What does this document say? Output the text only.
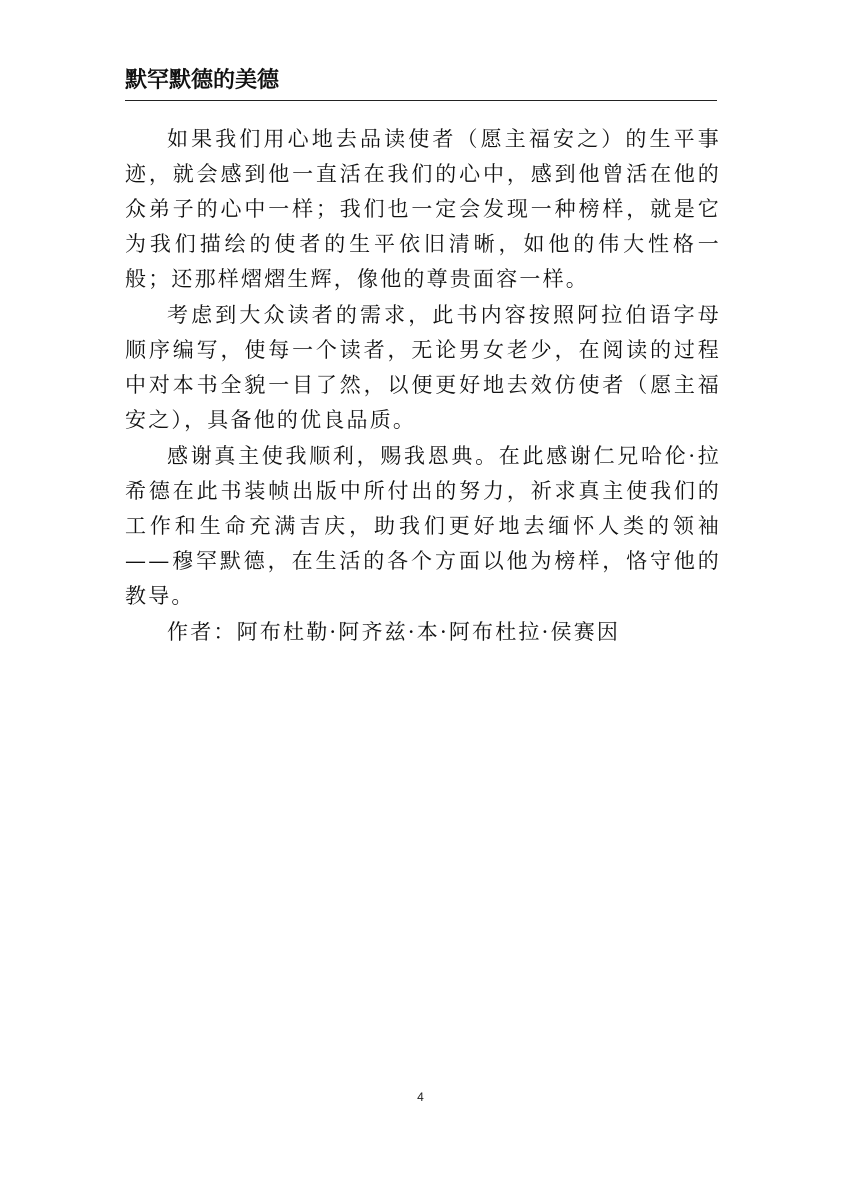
默罕默德的美德

如果我们用心地去品读使者（愿主福安之）的生平事迹，就会感到他一直活在我们的心中，感到他曾活在他的众弟子的心中一样；我们也一定会发现一种榜样，就是它为我们描绘的使者的生平依旧清晰，如他的伟大性格一般；还那样熠熠生辉，像他的尊贵面容一样。

考虑到大众读者的需求，此书内容按照阿拉伯语字母顺序编写，使每一个读者，无论男女老少，在阅读的过程中对本书全貌一目了然，以便更好地去效仿使者（愿主福安之），具备他的优良品质。

感谢真主使我顺利，赐我恩典。在此感谢仁兄哈伦·拉希德在此书装帧出版中所付出的努力，祈求真主使我们的工作和生命充满吉庆，助我们更好地去缅怀人类的领袖——穆罕默德，在生活的各个方面以他为榜样，恪守他的教导。

作者：阿布杜勒·阿齐兹·本·阿布杜拉·侯赛因

4
